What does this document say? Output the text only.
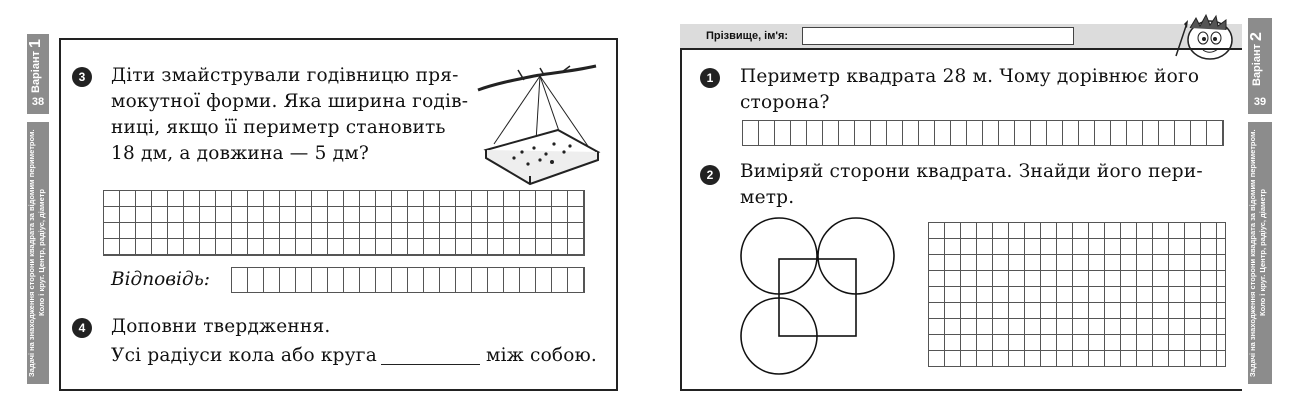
Варіант 1
38
Задачі на знаходження сторони квадрата за відомим периметром. Коло і круг. Центр, радіус, діаметр
3	Діти змайстрували годівницю пря-
мокутної форми. Яка ширина годів-
ниці, якщо її периметр становить
18 дм, а довжина — 5 дм?
Відповідь:
4	Доповни твердження.
Усі радіуси кола або круга	між собою.
Прізвище, ім'я:
Варіант 2
39
Задачі на знаходження сторони квадрата за відомим периметром. Коло і круг. Центр, радіус, діаметр
1	Периметр квадрата 28 м. Чому дорівнює його
сторона?
2	Виміряй сторони квадрата. Знайди його пери-
метр.
